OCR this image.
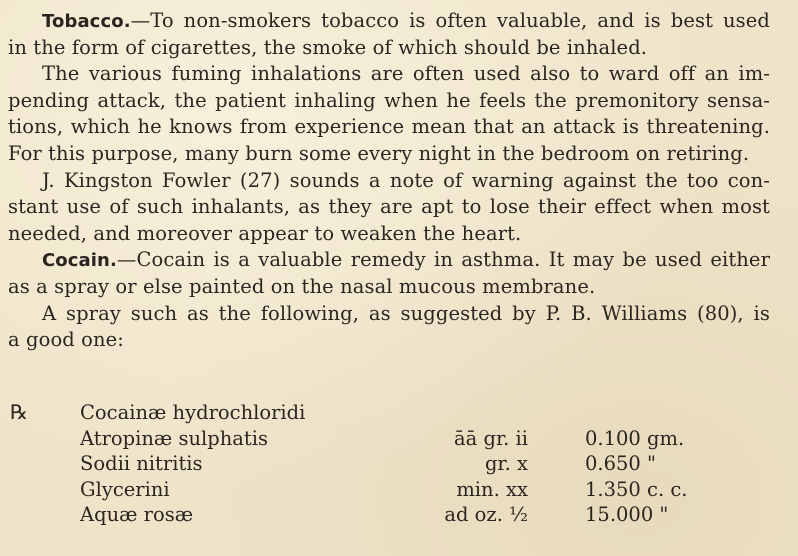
Tobacco.—To non-smokers tobacco is often valuable, and is best used
in the form of cigarettes, the smoke of which should be inhaled.
The various fuming inhalations are often used also to ward off an im-
pending attack, the patient inhaling when he feels the premonitory sensa-
tions, which he knows from experience mean that an attack is threatening.
For this purpose, many burn some every night in the bedroom on retiring.
J. Kingston Fowler (27) sounds a note of warning against the too con-
stant use of such inhalants, as they are apt to lose their effect when most
needed, and moreover appear to weaken the heart.
Cocain.—Cocain is a valuable remedy in asthma. It may be used either
as a spray or else painted on the nasal mucous membrane.
A spray such as the following, as suggested by P. B. Williams (80), is
a good one:
℞	Cocainæ hydrochloridi
Atropinæ sulphatis	āā gr. ii	0.100 gm.
Sodii nitritis	gr. x	0.650 "
Glycerini	min. xx	1.350 c. c.
Aquæ rosæ	ad oz. ½	15.000 "
